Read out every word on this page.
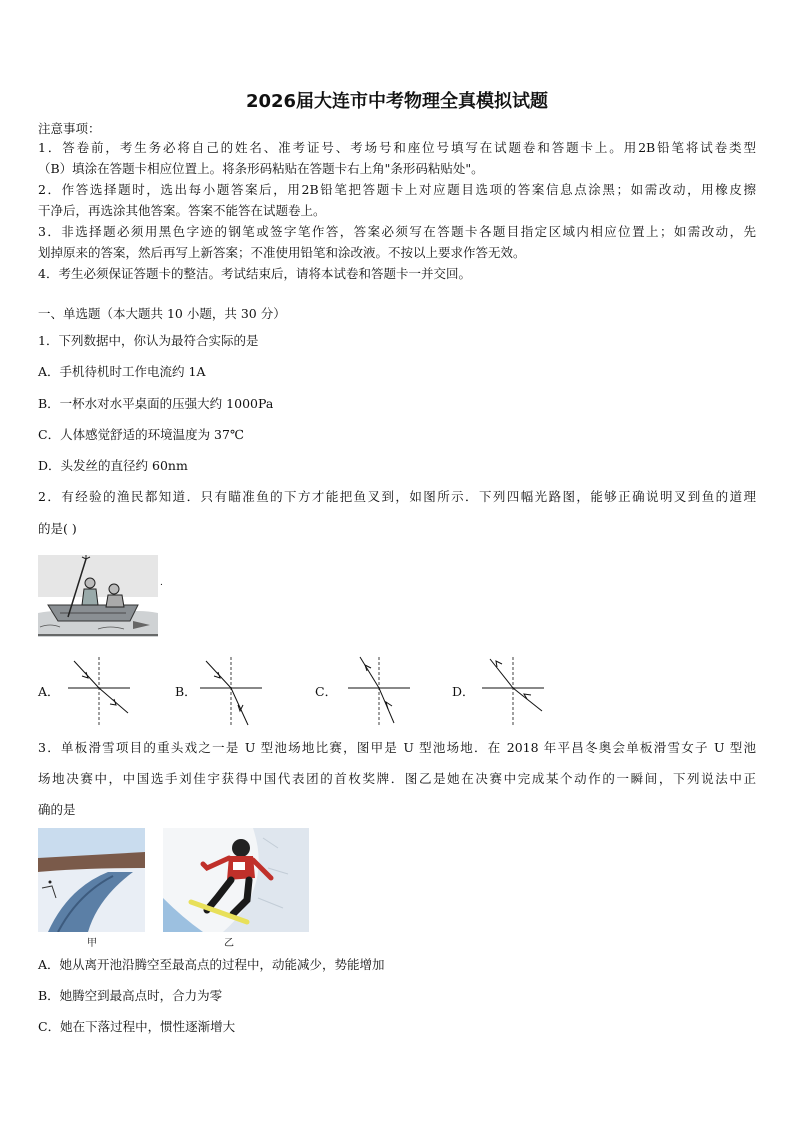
2026届大连市中考物理全真模拟试题
注意事项：
1．答卷前，考生务必将自己的姓名、准考证号、考场号和座位号填写在试题卷和答题卡上。用2B铅笔将试卷类型
（B）填涂在答题卡相应位置上。将条形码粘贴在答题卡右上角"条形码粘贴处"。
2．作答选择题时，选出每小题答案后，用2B铅笔把答题卡上对应题目选项的答案信息点涂黑；如需改动，用橡皮擦
干净后，再选涂其他答案。答案不能答在试题卷上。
3．非选择题必须用黑色字迹的钢笔或签字笔作答，答案必须写在答题卡各题目指定区域内相应位置上；如需改动，先
划掉原来的答案，然后再写上新答案；不准使用铅笔和涂改液。不按以上要求作答无效。
4．考生必须保证答题卡的整洁。考试结束后，请将本试卷和答题卡一并交回。
一、单选题（本大题共 10 小题，共 30 分）
1．下列数据中，你认为最符合实际的是
A．手机待机时工作电流约 1A
B．一杯水对水平桌面的压强大约 1000Pa
C．人体感觉舒适的环境温度为 37℃
D．头发丝的直径约 60nm
2．有经验的渔民都知道．只有瞄准鱼的下方才能把鱼叉到，如图所示．下列四幅光路图，能够正确说明叉到鱼的道理
的是( )
.
A．	B．	C．	D．
3．单板滑雪项目的重头戏之一是 U 型池场地比赛，图甲是 U 型池场地．在 2018 年平昌冬奥会单板滑雪女子 U 型池
场地决赛中，中国选手刘佳宇获得中国代表团的首枚奖牌．图乙是她在决赛中完成某个动作的一瞬间，下列说法中正
确的是
甲	乙
A．她从离开池沿腾空至最高点的过程中，动能减少，势能增加
B．她腾空到最高点时，合力为零
C．她在下落过程中，惯性逐渐增大
